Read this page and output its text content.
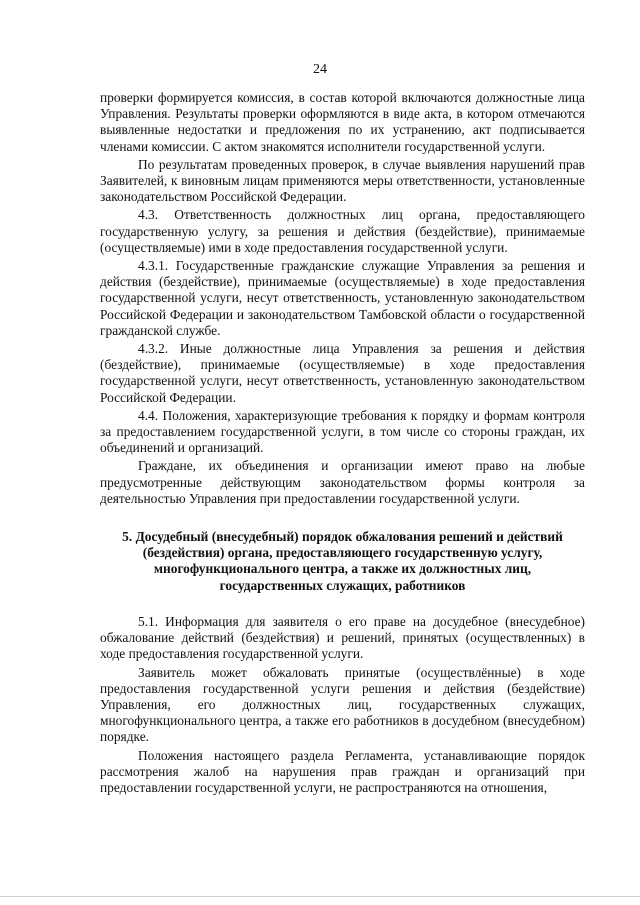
24

проверки формируется комиссия, в состав которой включаются должностные лица Управления. Результаты проверки оформляются в виде акта, в котором отмечаются выявленные недостатки и предложения по их устранению, акт подписывается членами комиссии. С актом знакомятся исполнители государственной услуги.

По результатам проведенных проверок, в случае выявления нарушений прав Заявителей, к виновным лицам применяются меры ответственности, установленные законодательством Российской Федерации.

4.3. Ответственность должностных лиц органа, предоставляющего государственную услугу, за решения и действия (бездействие), принимаемые (осуществляемые) ими в ходе предоставления государственной услуги.

4.3.1. Государственные гражданские служащие Управления за решения и действия (бездействие), принимаемые (осуществляемые) в ходе предоставления государственной услуги, несут ответственность, установленную законодательством Российской Федерации и законодательством Тамбовской области о государственной гражданской службе.

4.3.2. Иные должностные лица Управления за решения и действия (бездействие), принимаемые (осуществляемые) в ходе предоставления государственной услуги, несут ответственность, установленную законодательством Российской Федерации.

4.4. Положения, характеризующие требования к порядку и формам контроля за предоставлением государственной услуги, в том числе со стороны граждан, их объединений и организаций.

Граждане, их объединения и организации имеют право на любые предусмотренные действующим законодательством формы контроля за деятельностью Управления при предоставлении государственной услуги.

5. Досудебный (внесудебный) порядок обжалования решений и действий (бездействия) органа, предоставляющего государственную услугу, многофункционального центра, а также их должностных лиц, государственных служащих, работников

5.1. Информация для заявителя о его праве на досудебное (внесудебное) обжалование действий (бездействия) и решений, принятых (осуществленных) в ходе предоставления государственной услуги.

Заявитель может обжаловать принятые (осуществлённые) в ходе предоставления государственной услуги решения и действия (бездействие) Управления, его должностных лиц, государственных служащих, многофункционального центра, а также его работников в досудебном (внесудебном) порядке.

Положения настоящего раздела Регламента, устанавливающие порядок рассмотрения жалоб на нарушения прав граждан и организаций при предоставлении государственной услуги, не распространяются на отношения,
